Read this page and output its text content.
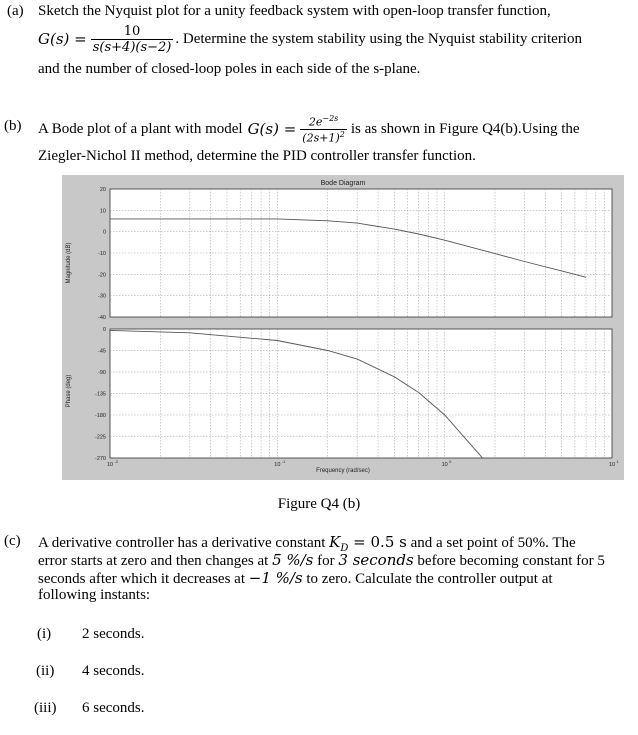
(a) Sketch the Nyquist plot for a unity feedback system with open-loop transfer function,
$G(s) = \frac{10}{s(s+4)(s-2)}$ . Determine the system stability using the Nyquist stability criterion
and the number of closed-loop poles in each side of the s-plane.
(b) A Bode plot of a plant with model $G(s) = \frac{2e^{-2s}}{(2s+1)^2}$ is as shown in Figure Q4(b).Using the
Ziegler-Nichol II method, determine the PID controller transfer function.
Bode Diagram
20
10
0
-10
-20
-30
-40
0
-45
-90
-135
-180
-225
-270
10
-2
10
-1
10
0
10
1
Magnitude (dB)
Phase (deg)
Frequency (rad/sec)
Figure Q4 (b)
(c) A derivative controller has a derivative constant $K_D = 0.5$ s and a set point of 50%. The
error starts at zero and then changes at 5 %/s for 3 seconds before becoming constant for 5
seconds after which it decreases at −1 %/s to zero. Calculate the controller output at
following instants:
(i) 2 seconds.
(ii) 4 seconds.
(iii) 6 seconds.
